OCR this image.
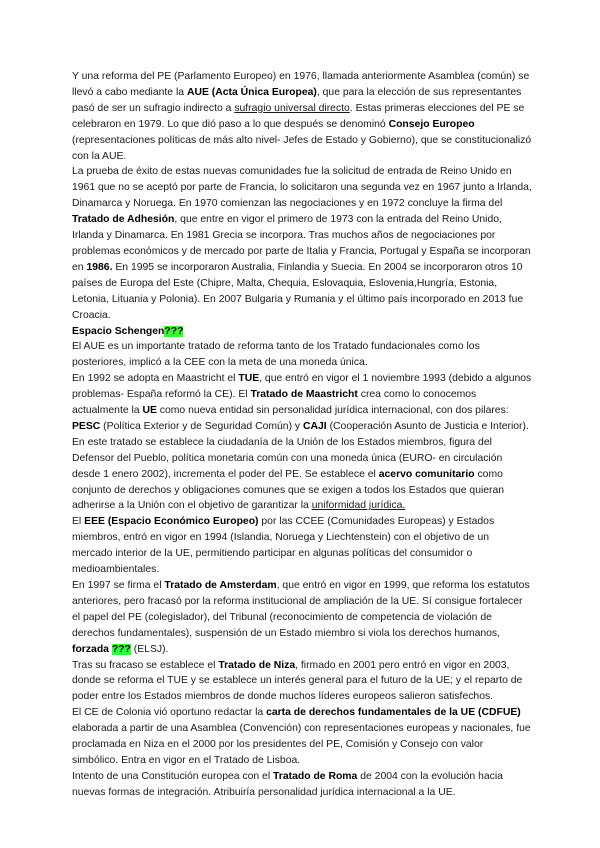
Y una reforma del PE (Parlamento Europeo) en 1976, llamada anteriormente Asamblea (común) se llevó a cabo mediante la AUE (Acta Única Europea), que para la elección de sus representantes pasó de ser un sufragio indirecto a sufragio universal directo. Estas primeras elecciones del PE se celebraron en 1979. Lo que dió paso a lo que después se denominó Consejo Europeo (representaciones políticas de más alto nivel- Jefes de Estado y Gobierno), que se constitucionalizó con la AUE.

La prueba de éxito de estas nuevas comunidades fue la solicitud de entrada de Reino Unido en 1961 que no se aceptó por parte de Francia, lo solicitaron una segunda vez en 1967 junto a Irlanda, Dinamarca y Noruega. En 1970 comienzan las negociaciones y en 1972 concluye la firma del Tratado de Adhesión, que entre en vigor el primero de 1973 con la entrada del Reino Unido, Irlanda y Dinamarca. En 1981 Grecia se incorpora. Tras muchos años de negociaciones por problemas económicos y de mercado por parte de Italia y Francia, Portugal y España se incorporan en 1986. En 1995 se incorporaron Australia, Finlandia y Suecia. En 2004 se incorporaron otros 10 países de Europa del Este (Chipre, Malta, Chequia, Eslovaquia, Eslovenia,Hungría, Estonia, Letonia, Lituania y Polonia). En 2007 Bulgaria y Rumania y el último país incorporado en 2013 fue Croacia.

Espacio Schengen???

El AUE es un importante tratado de reforma tanto de los Tratado fundacionales como los posteriores, implicó a la CEE con la meta de una moneda única.

En 1992 se adopta en Maastricht el TUE, que entró en vigor el 1 noviembre 1993 (debido a algunos problemas- España reformó la CE). El Tratado de Maastricht crea como lo conocemos actualmente la UE como nueva entidad sin personalidad jurídica internacional, con dos pilares: PESC (Política Exterior y de Seguridad Común) y CAJI (Cooperación Asunto de Justicia e Interior). En este tratado se establece la ciudadanía de la Unión de los Estados miembros, figura del Defensor del Pueblo, política monetaria común con una moneda única (EURO- en circulación desde 1 enero 2002), incrementa el poder del PE. Se establece el acervo comunitario como conjunto de derechos y obligaciones comunes que se exigen a todos los Estados que quieran adherirse a la Unión con el objetivo de garantizar la uniformidad jurídica.

El EEE (Espacio Económico Europeo) por las CCEE (Comunidades Europeas) y Estados miembros, entró en vigor en 1994 (Islandia, Noruega y Liechtenstein) con el objetivo de un mercado interior de la UE, permitiendo participar en algunas políticas del consumidor o medioambientales.

En 1997 se firma el Tratado de Amsterdam, que entró en vigor en 1999, que reforma los estatutos anteriores, pero fracasó por la reforma institucional de ampliación de la UE. Sí consigue fortalecer el papel del PE (colegislador), del Tribunal (reconocimiento de competencia de violación de derechos fundamentales), suspensión de un Estado miembro si viola los derechos humanos, forzada ??? (ELSJ).

Tras su fracaso se establece el Tratado de Niza, firmado en 2001 pero entró en vigor en 2003, donde se reforma el TUE y se establece un interés general para el futuro de la UE; y el reparto de poder entre los Estados miembros de donde muchos líderes europeos salieron satisfechos.

El CE de Colonia vió oportuno redactar la carta de derechos fundamentales de la UE (CDFUE) elaborada a partir de una Asamblea (Convención) con representaciones europeas y nacionales, fue proclamada en Niza en el 2000 por los presidentes del PE, Comisión y Consejo con valor simbólico. Entra en vigor en el Tratado de Lisboa.

Intento de una Constitución europea con el Tratado de Roma de 2004 con la evolución hacia nuevas formas de integración. Atribuiría personalidad jurídica internacional a la UE.
